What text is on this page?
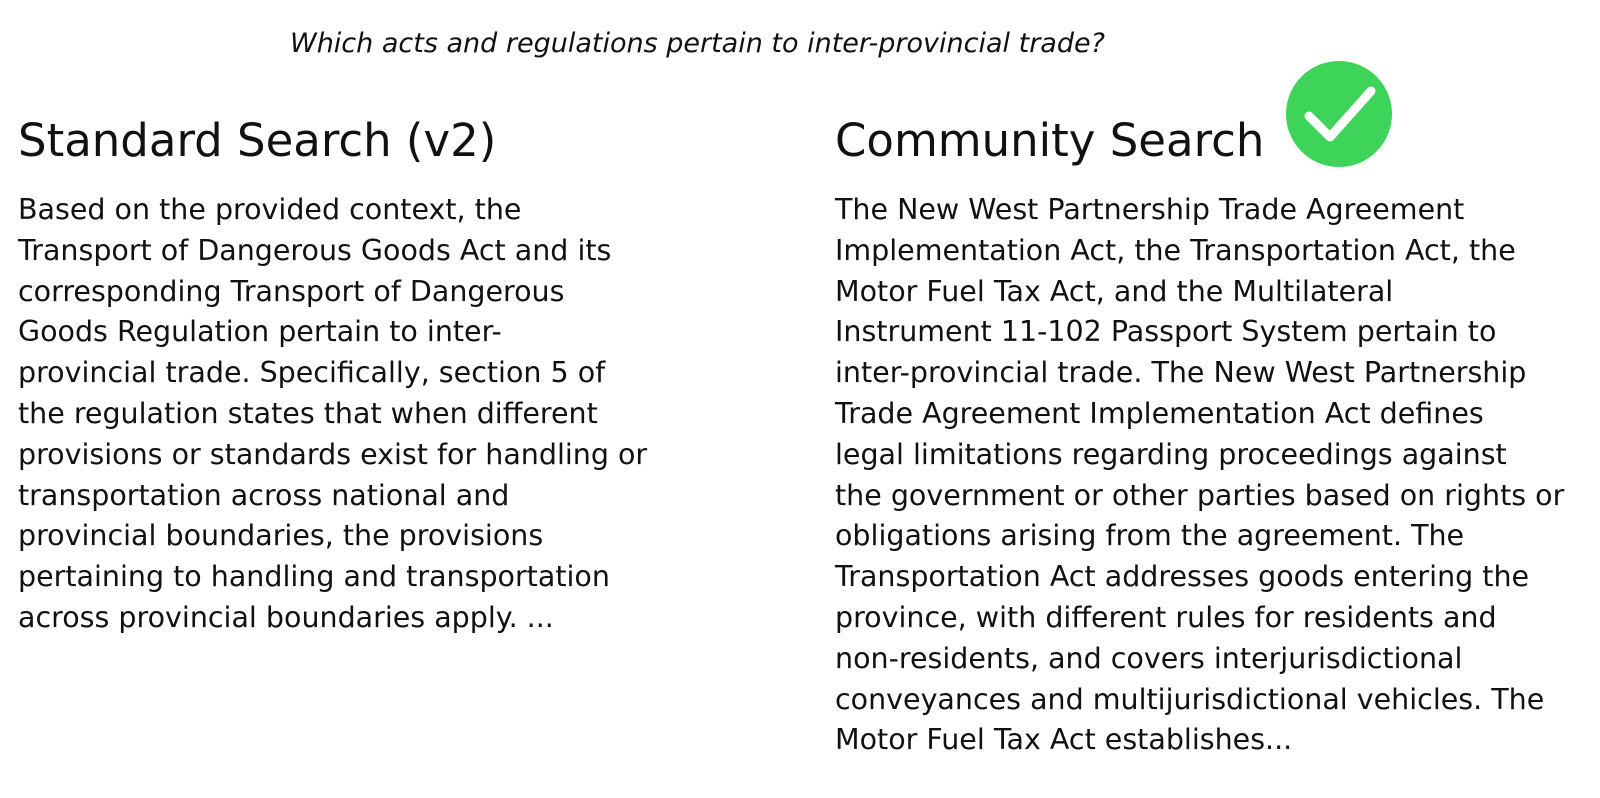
Which acts and regulations pertain to inter-provincial trade?
Standard Search (v2)

Based on the provided context, the
Transport of Dangerous Goods Act and its
corresponding Transport of Dangerous
Goods Regulation pertain to inter-
provincial trade. Specifically, section 5 of
the regulation states that when different
provisions or standards exist for handling or
transportation across national and
provincial boundaries, the provisions
pertaining to handling and transportation
across provincial boundaries apply. ...

Community Search

The New West Partnership Trade Agreement
Implementation Act, the Transportation Act, the
Motor Fuel Tax Act, and the Multilateral
Instrument 11-102 Passport System pertain to
inter-provincial trade. The New West Partnership
Trade Agreement Implementation Act defines
legal limitations regarding proceedings against
the government or other parties based on rights or
obligations arising from the agreement. The
Transportation Act addresses goods entering the
province, with different rules for residents and
non-residents, and covers interjurisdictional
conveyances and multijurisdictional vehicles. The
Motor Fuel Tax Act establishes...
